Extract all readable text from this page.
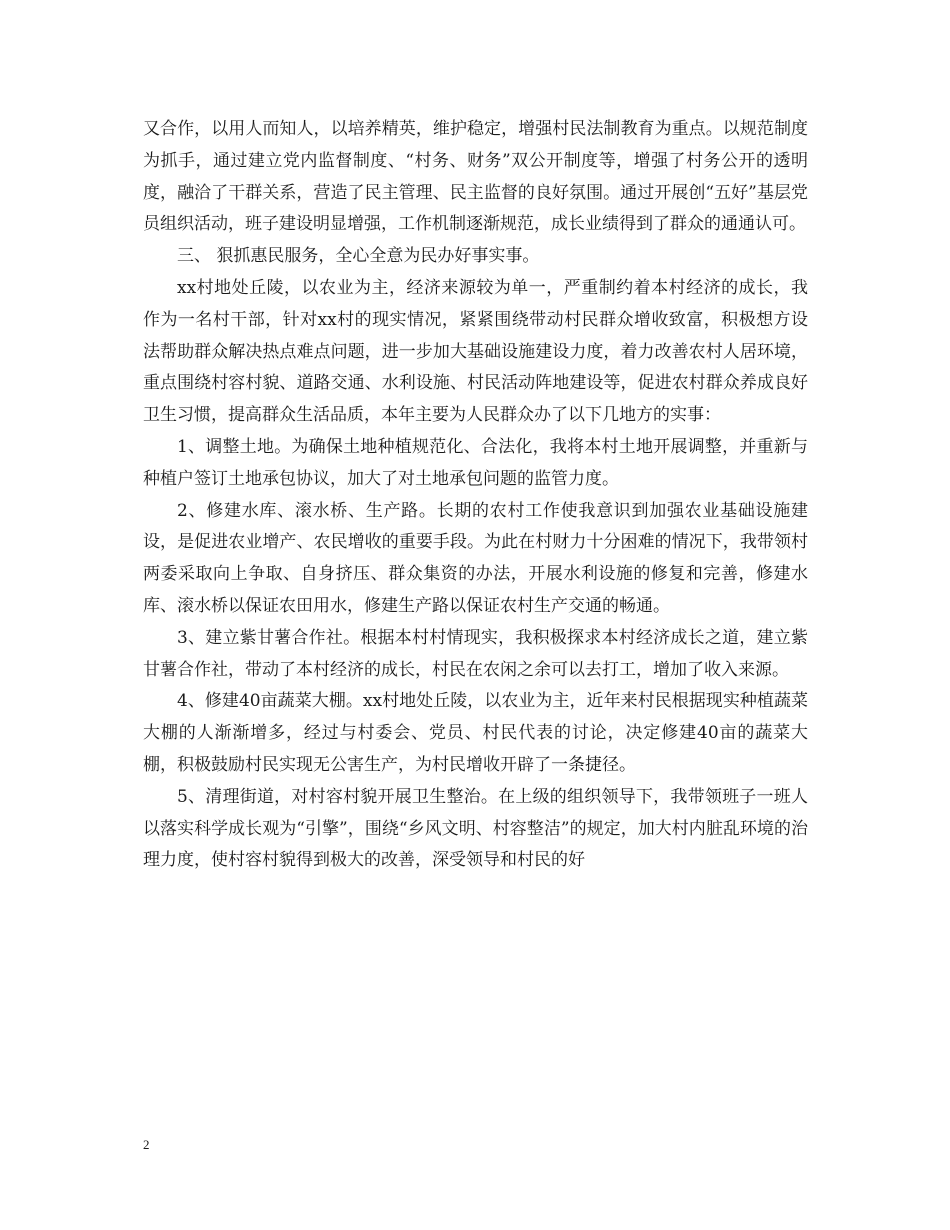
又合作，以用人而知人，以培养精英，维护稳定，增强村民法制教育为重点。以规范制度为抓手，通过建立党内监督制度、“村务、财务”双公开制度等，增强了村务公开的透明度，融洽了干群关系，营造了民主管理、民主监督的良好氛围。通过开展创“五好”基层党员组织活动，班子建设明显增强，工作机制逐渐规范，成长业绩得到了群众的通通认可。

三、 狠抓惠民服务，全心全意为民办好事实事。

xx村地处丘陵，以农业为主，经济来源较为单一，严重制约着本村经济的成长，我作为一名村干部，针对xx村的现实情况，紧紧围绕带动村民群众增收致富，积极想方设法帮助群众解决热点难点问题，进一步加大基础设施建设力度，着力改善农村人居环境，重点围绕村容村貌、道路交通、水利设施、村民活动阵地建设等，促进农村群众养成良好卫生习惯，提高群众生活品质，本年主要为人民群众办了以下几地方的实事：

1、调整土地。为确保土地种植规范化、合法化，我将本村土地开展调整，并重新与种植户签订土地承包协议，加大了对土地承包问题的监管力度。

2、修建水库、滚水桥、生产路。长期的农村工作使我意识到加强农业基础设施建设，是促进农业增产、农民增收的重要手段。为此在村财力十分困难的情况下，我带领村两委采取向上争取、自身挤压、群众集资的办法，开展水利设施的修复和完善，修建水库、滚水桥以保证农田用水，修建生产路以保证农村生产交通的畅通。

3、建立紫甘薯合作社。根据本村村情现实，我积极探求本村经济成长之道，建立紫甘薯合作社，带动了本村经济的成长，村民在农闲之余可以去打工，增加了收入来源。

4、修建40亩蔬菜大棚。xx村地处丘陵，以农业为主，近年来村民根据现实种植蔬菜大棚的人渐渐增多，经过与村委会、党员、村民代表的讨论，决定修建40亩的蔬菜大棚，积极鼓励村民实现无公害生产，为村民增收开辟了一条捷径。

5、清理街道，对村容村貌开展卫生整治。在上级的组织领导下，我带领班子一班人以落实科学成长观为“引擎”，围绕“乡风文明、村容整洁”的规定，加大村内脏乱环境的治理力度，使村容村貌得到极大的改善，深受领导和村民的好

2
